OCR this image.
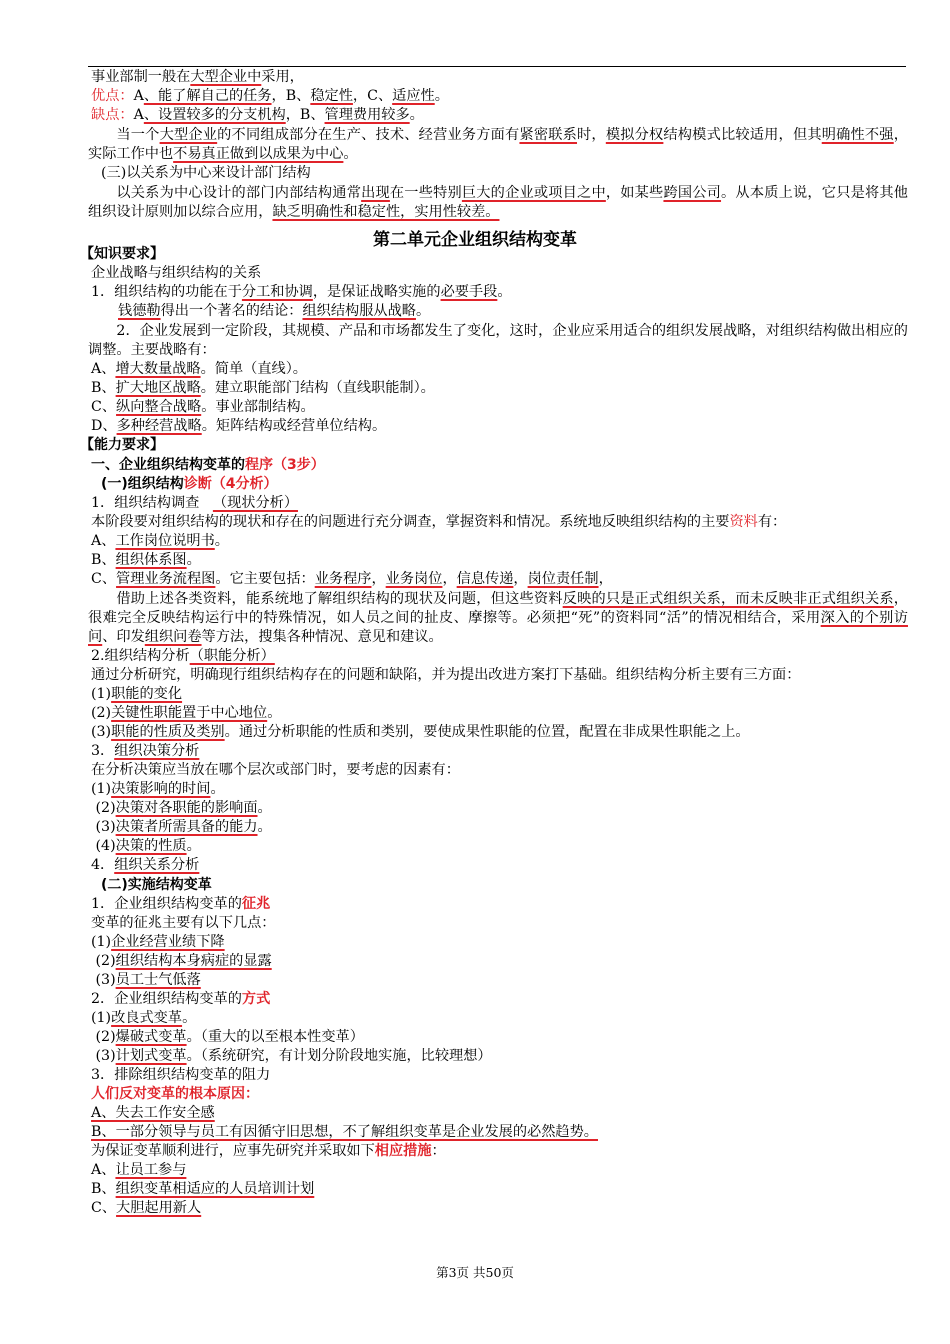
事业部制一般在大型企业中采用，
优点：A、能了解自己的任务，B、稳定性，C、适应性。
缺点：A、设置较多的分支机构，B、管理费用较多。
当一个大型企业的不同组成部分在生产、技术、经营业务方面有紧密联系时，模拟分权结构模式比较适用，但其明确性不强，实际工作中也不易真正做到以成果为中心。
(三)以关系为中心来设计部门结构
以关系为中心设计的部门内部结构通常出现在一些特别巨大的企业或项目之中，如某些跨国公司。从本质上说，它只是将其他组织设计原则加以综合应用，缺乏明确性和稳定性，实用性较差。
第二单元企业组织结构变革
【知识要求】
企业战略与组织结构的关系
1．组织结构的功能在于分工和协调，是保证战略实施的必要手段。
钱德勒得出一个著名的结论：组织结构服从战略。
2．企业发展到一定阶段，其规模、产品和市场都发生了变化，这时，企业应采用适合的组织发展战略，对组织结构做出相应的调整。主要战略有：
A、增大数量战略。简单（直线）。
B、扩大地区战略。建立职能部门结构（直线职能制）。
C、纵向整合战略。事业部制结构。
D、多种经营战略。矩阵结构或经营单位结构。
【能力要求】
一、企业组织结构变革的程序（3步）
(一)组织结构诊断（4分析）
1．组织结构调查 （现状分析）
本阶段要对组织结构的现状和存在的问题进行充分调查，掌握资料和情况。系统地反映组织结构的主要资料有：
A、工作岗位说明书。
B、组织体系图。
C、管理业务流程图。它主要包括：业务程序，业务岗位，信息传递，岗位责任制，
借助上述各类资料，能系统地了解组织结构的现状及问题，但这些资料反映的只是正式组织关系，而未反映非正式组织关系，很难完全反映结构运行中的特殊情况，如人员之间的扯皮、摩擦等。必须把“死”的资料同“活”的情况相结合，采用深入的个别访问、印发组织问卷等方法，搜集各种情况、意见和建议。
2.组织结构分析（职能分析）
通过分析研究，明确现行组织结构存在的问题和缺陷，并为提出改进方案打下基础。组织结构分析主要有三方面：
(1)职能的变化
(2)关键性职能置于中心地位。
(3)职能的性质及类别。通过分析职能的性质和类别，要使成果性职能的位置，配置在非成果性职能之上。
3．组织决策分析
在分析决策应当放在哪个层次或部门时，要考虑的因素有：
(1)决策影响的时间。
(2)决策对各职能的影响面。
(3)决策者所需具备的能力。
(4)决策的性质。
4．组织关系分析
(二)实施结构变革
1．企业组织结构变革的征兆
变革的征兆主要有以下几点：
(1)企业经营业绩下降
(2)组织结构本身病症的显露
(3)员工士气低落
2．企业组织结构变革的方式
(1)改良式变革。
(2)爆破式变革。（重大的以至根本性变革）
(3)计划式变革。（系统研究，有计划分阶段地实施，比较理想）
3．排除组织结构变革的阻力
人们反对变革的根本原因：
A、失去工作安全感
B、一部分领导与员工有因循守旧思想，不了解组织变革是企业发展的必然趋势。
为保证变革顺利进行，应事先研究并采取如下相应措施：
A、让员工参与
B、组织变革相适应的人员培训计划
C、大胆起用新人
第3页 共50页
